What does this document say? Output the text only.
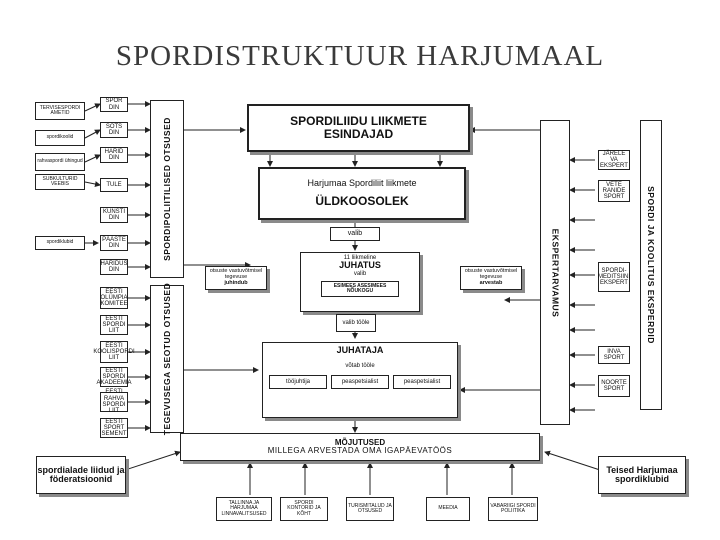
SPORDISTRUKTUUR HARJUMAAL
TERVISESPORDI AMETID
spordikoolid
rahvaspordi ühingud
SUBKULTURID VEEBIS
spordiklubid
SPOR DIN
SOTS DIN
HARID DIN
TULE
KUNSTI DIN
PÄÄSTE DIN
HARIDUS DIN
EESTI OLÜMPIA KOMITEE
EESTI SPORDI LIIT
EESTI KOOLISPORDI LIIT
EESTI SPORDI AKADEEMIA
EESTI RAHVA SPORDI LIIT
EESTI SPORT SEMENT
SPORDIPOLIITILISED OTSUSED
TEGEVUSEGA SEOTUD OTSUSED
EKSPERTARVAMUS	SPORDI JA KOOLITUS EKSPERDID
SPORDILIIDU LIIKMETE
ESINDAJAD
Harjumaa Spordiliit liikmete
ÜLDKOOSOLEK
valib
11 liikmeline
JUHATUS
valib
ESIMEES ASESIMEES NÕUKOGU
otsuste vastuvõtmisel
tegevuse
juhindub
otsuste vastuvõtmisel
tegevuse
arvestab
valib tööle
JUHATAJA
võtab tööle
tööjuhtija	peaspetsialist	peaspetsialist
JÄRELE VA EKSPERT
VETE RANIDE SPORT
SPORDI- MEDITSIINI EKSPERT
INVA SPORT
NOORTE SPORT
MÕJUTUSED
MILLEGA ARVESTADA OMA IGAPÄEVATÖÖS
spordialade liidud ja föderatsioonid
Teised Harjumaa spordiklubid
TALLINNA JA HARJUMAA LINNAVALITSUSED
SPORDI KONTORID JA KÕHT
TURISMITALUD JA OTSUSED	MEEDIA	VABARIIGI SPORDI POLIITIKA
